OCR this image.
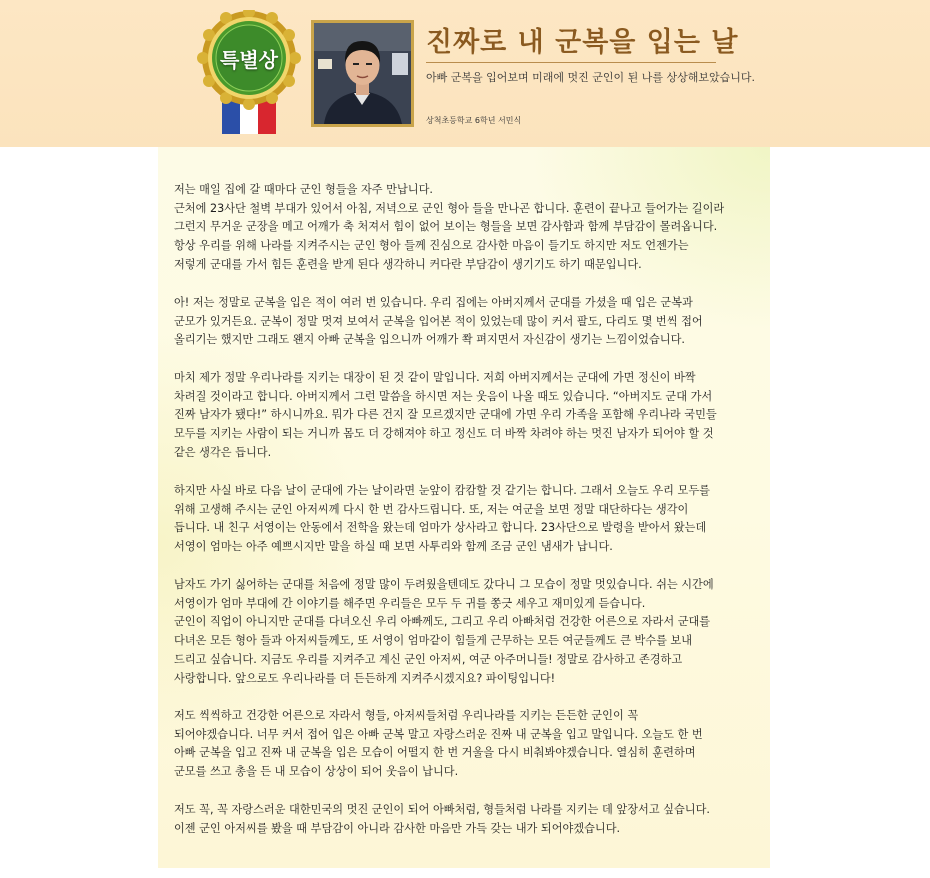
특별상
진짜로 내 군복을 입는 날
아빠 군복을 입어보며 미래에 멋진 군인이 된 나를 상상해보았습니다.
상척초등학교 6학년 서민식
저는 매일 집에 갈 때마다 군인 형들을 자주 만납니다.
근처에 23사단 철벽 부대가 있어서 아침, 저녁으로 군인 형아 들을 만나곤 합니다. 훈련이 끝나고 들어가는 길이라
그런지 무거운 군장을 메고 어깨가 축 처져서 힘이 없어 보이는 형들을 보면 감사함과 함께 부담감이 몰려옵니다.
항상 우리를 위해 나라를 지켜주시는 군인 형아 들께 진심으로 감사한 마음이 들기도 하지만 저도 언젠가는
저렇게 군대를 가서 힘든 훈련을 받게 된다 생각하니 커다란 부담감이 생기기도 하기 때문입니다.
아! 저는 정말로 군복을 입은 적이 여러 번 있습니다. 우리 집에는 아버지께서 군대를 가셨을 때 입은 군복과
군모가 있거든요. 군복이 정말 멋져 보여서 군복을 입어본 적이 있었는데 많이 커서 팔도, 다리도 몇 번씩 접어
올리기는 했지만 그래도 왠지 아빠 군복을 입으니까 어깨가 쫙 펴지면서 자신감이 생기는 느낌이었습니다.
마치 제가 정말 우리나라를 지키는 대장이 된 것 같이 말입니다. 저희 아버지께서는 군대에 가면 정신이 바짝
차려질 것이라고 합니다. 아버지께서 그런 말씀을 하시면 저는 웃음이 나올 때도 있습니다. “아버지도 군대 가서
진짜 남자가 됐다!” 하시니까요. 뭐가 다른 건지 잘 모르겠지만 군대에 가면 우리 가족을 포함해 우리나라 국민들
모두를 지키는 사람이 되는 거니까 몸도 더 강해져야 하고 정신도 더 바짝 차려야 하는 멋진 남자가 되어야 할 것
같은 생각은 듭니다.
하지만 사실 바로 다음 날이 군대에 가는 날이라면 눈앞이 캄캄할 것 같기는 합니다. 그래서 오늘도 우리 모두를
위해 고생해 주시는 군인 아저씨께 다시 한 번 감사드립니다. 또, 저는 여군을 보면 정말 대단하다는 생각이
듭니다. 내 친구 서영이는 안동에서 전학을 왔는데 엄마가 상사라고 합니다. 23사단으로 발령을 받아서 왔는데
서영이 엄마는 아주 예쁘시지만 말을 하실 때 보면 사투리와 함께 조금 군인 냄새가 납니다.
남자도 가기 싫어하는 군대를 처음에 정말 많이 두려웠을텐데도 갔다니 그 모습이 정말 멋있습니다. 쉬는 시간에
서영이가 엄마 부대에 간 이야기를 해주면 우리들은 모두 두 귀를 쫑긋 세우고 재미있게 듣습니다.
군인이 직업이 아니지만 군대를 다녀오신 우리 아빠께도, 그리고 우리 아빠처럼 건강한 어른으로 자라서 군대를
다녀온 모든 형아 들과 아저씨들께도, 또 서영이 엄마같이 힘들게 근무하는 모든 여군들께도 큰 박수를 보내
드리고 싶습니다. 지금도 우리를 지켜주고 계신 군인 아저씨, 여군 아주머니들! 정말로 감사하고 존경하고
사랑합니다. 앞으로도 우리나라를 더 든든하게 지켜주시겠지요? 파이팅입니다!
저도 씩씩하고 건강한 어른으로 자라서 형들, 아저씨들처럼 우리나라를 지키는 든든한 군인이 꼭
되어야겠습니다. 너무 커서 접어 입은 아빠 군복 말고 자랑스러운 진짜 내 군복을 입고 말입니다. 오늘도 한 번
아빠 군복을 입고 진짜 내 군복을 입은 모습이 어떨지 한 번 거울을 다시 비춰봐야겠습니다. 열심히 훈련하며
군모를 쓰고 총을 든 내 모습이 상상이 되어 웃음이 납니다.
저도 꼭, 꼭 자랑스러운 대한민국의 멋진 군인이 되어 아빠처럼, 형들처럼 나라를 지키는 데 앞장서고 싶습니다.
이젠 군인 아저씨를 봤을 때 부담감이 아니라 감사한 마음만 가득 갖는 내가 되어야겠습니다.
